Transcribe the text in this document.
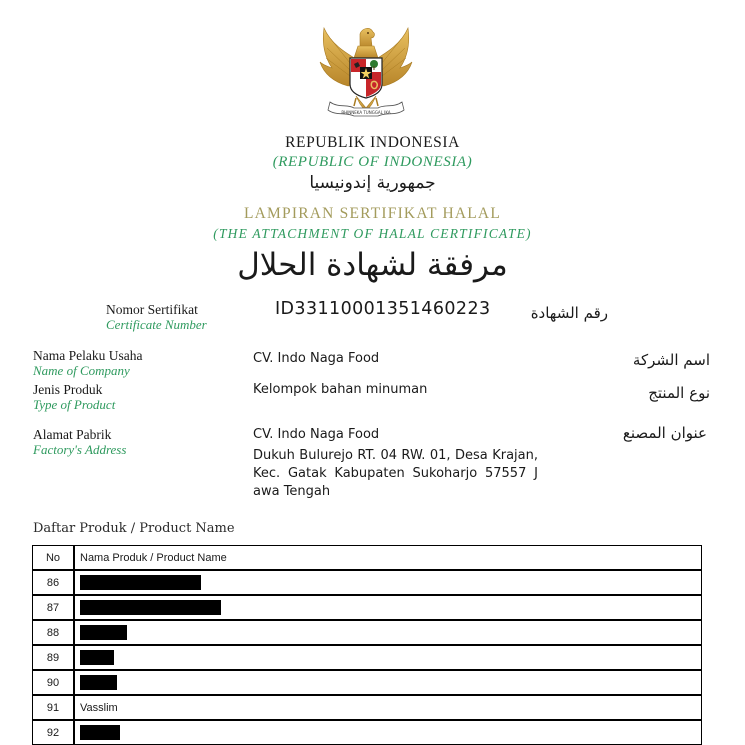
BHINNEKA TUNGGAL IKA
REPUBLIK INDONESIA
(REPUBLIC OF INDONESIA)
جمهورية إندونيسيا
LAMPIRAN SERTIFIKAT HALAL
(THE ATTACHMENT OF HALAL CERTIFICATE)
مرفقة لشهادة الحلال
Nomor Sertifikat
Certificate Number
ID33110001351460223	رقم الشهادة
Nama Pelaku Usaha
Name of Company
CV. Indo Naga Food	اسم الشركة
Jenis Produk
Type of Product
Kelompok bahan minuman	نوع المنتج
Alamat Pabrik
Factory's Address
CV. Indo Naga Food
Dukuh Bulurejo RT. 04 RW. 01, Desa Krajan, Kec. Gatak Kabupaten Sukoharjo 57557 J awa Tengah
عنوان المصنع
Daftar Produk / Product Name
No	Nama Produk / Product Name
86	
87	
88	
89	
90	
91	Vasslim
92	
